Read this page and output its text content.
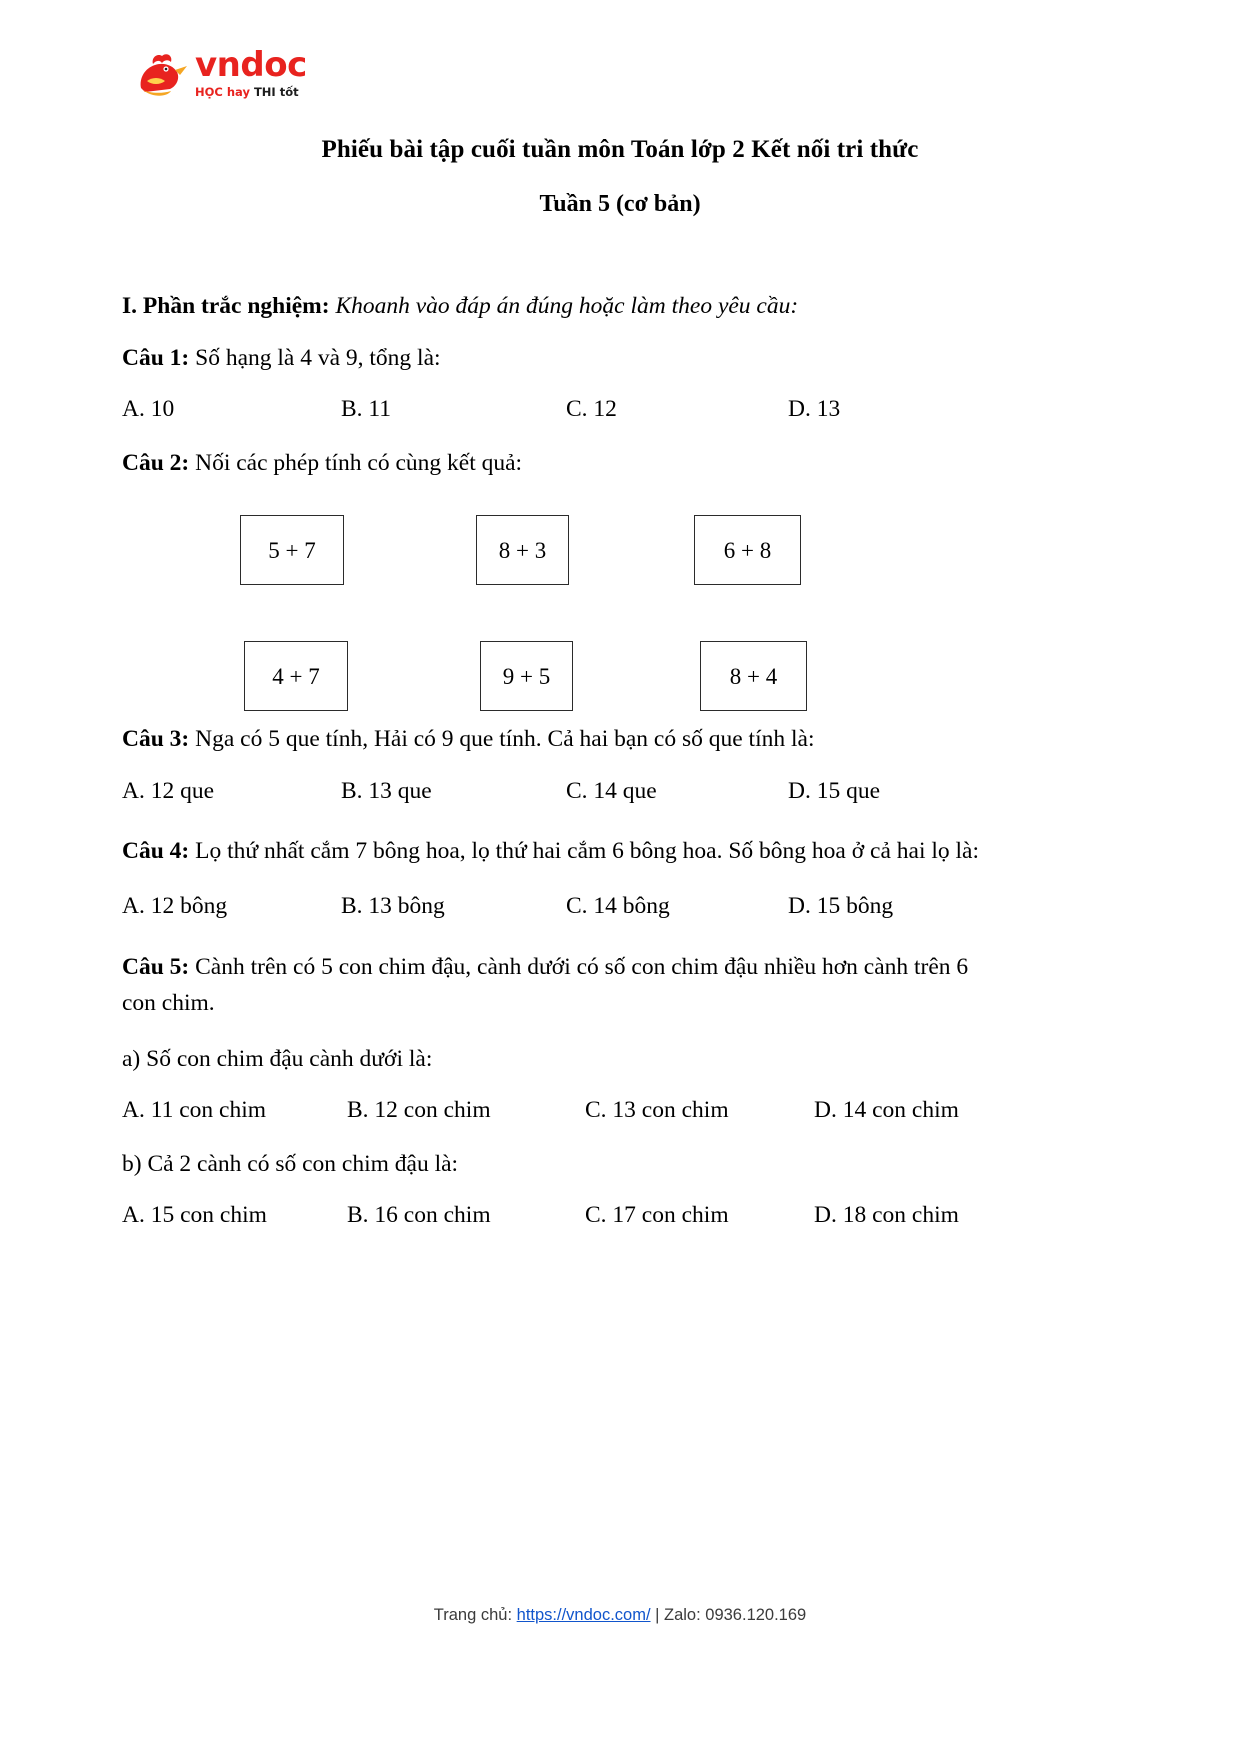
vndoc
HỌC hay THI tốt
Phiếu bài tập cuối tuần môn Toán lớp 2 Kết nối tri thức
Tuần 5 (cơ bản)
I. Phần trắc nghiệm: Khoanh vào đáp án đúng hoặc làm theo yêu cầu:
Câu 1: Số hạng là 4 và 9, tổng là:
A. 10	B. 11	C. 12	D. 13
Câu 2: Nối các phép tính có cùng kết quả:
5 + 7	8 + 3	6 + 8
4 + 7	9 + 5	8 + 4
Câu 3: Nga có 5 que tính, Hải có 9 que tính. Cả hai bạn có số que tính là:
A. 12 que	B. 13 que	C. 14 que	D. 15 que
Câu 4: Lọ thứ nhất cắm 7 bông hoa, lọ thứ hai cắm 6 bông hoa. Số bông hoa ở cả hai lọ là:
A. 12 bông	B. 13 bông	C. 14 bông	D. 15 bông
Câu 5: Cành trên có 5 con chim đậu, cành dưới có số con chim đậu nhiều hơn cành trên 6 con chim.
a) Số con chim đậu cành dưới là:
A. 11 con chim	B. 12 con chim	C. 13 con chim	D. 14 con chim
b) Cả 2 cành có số con chim đậu là:
A. 15 con chim	B. 16 con chim	C. 17 con chim	D. 18 con chim
Trang chủ: https://vndoc.com/ | Zalo: 0936.120.169
